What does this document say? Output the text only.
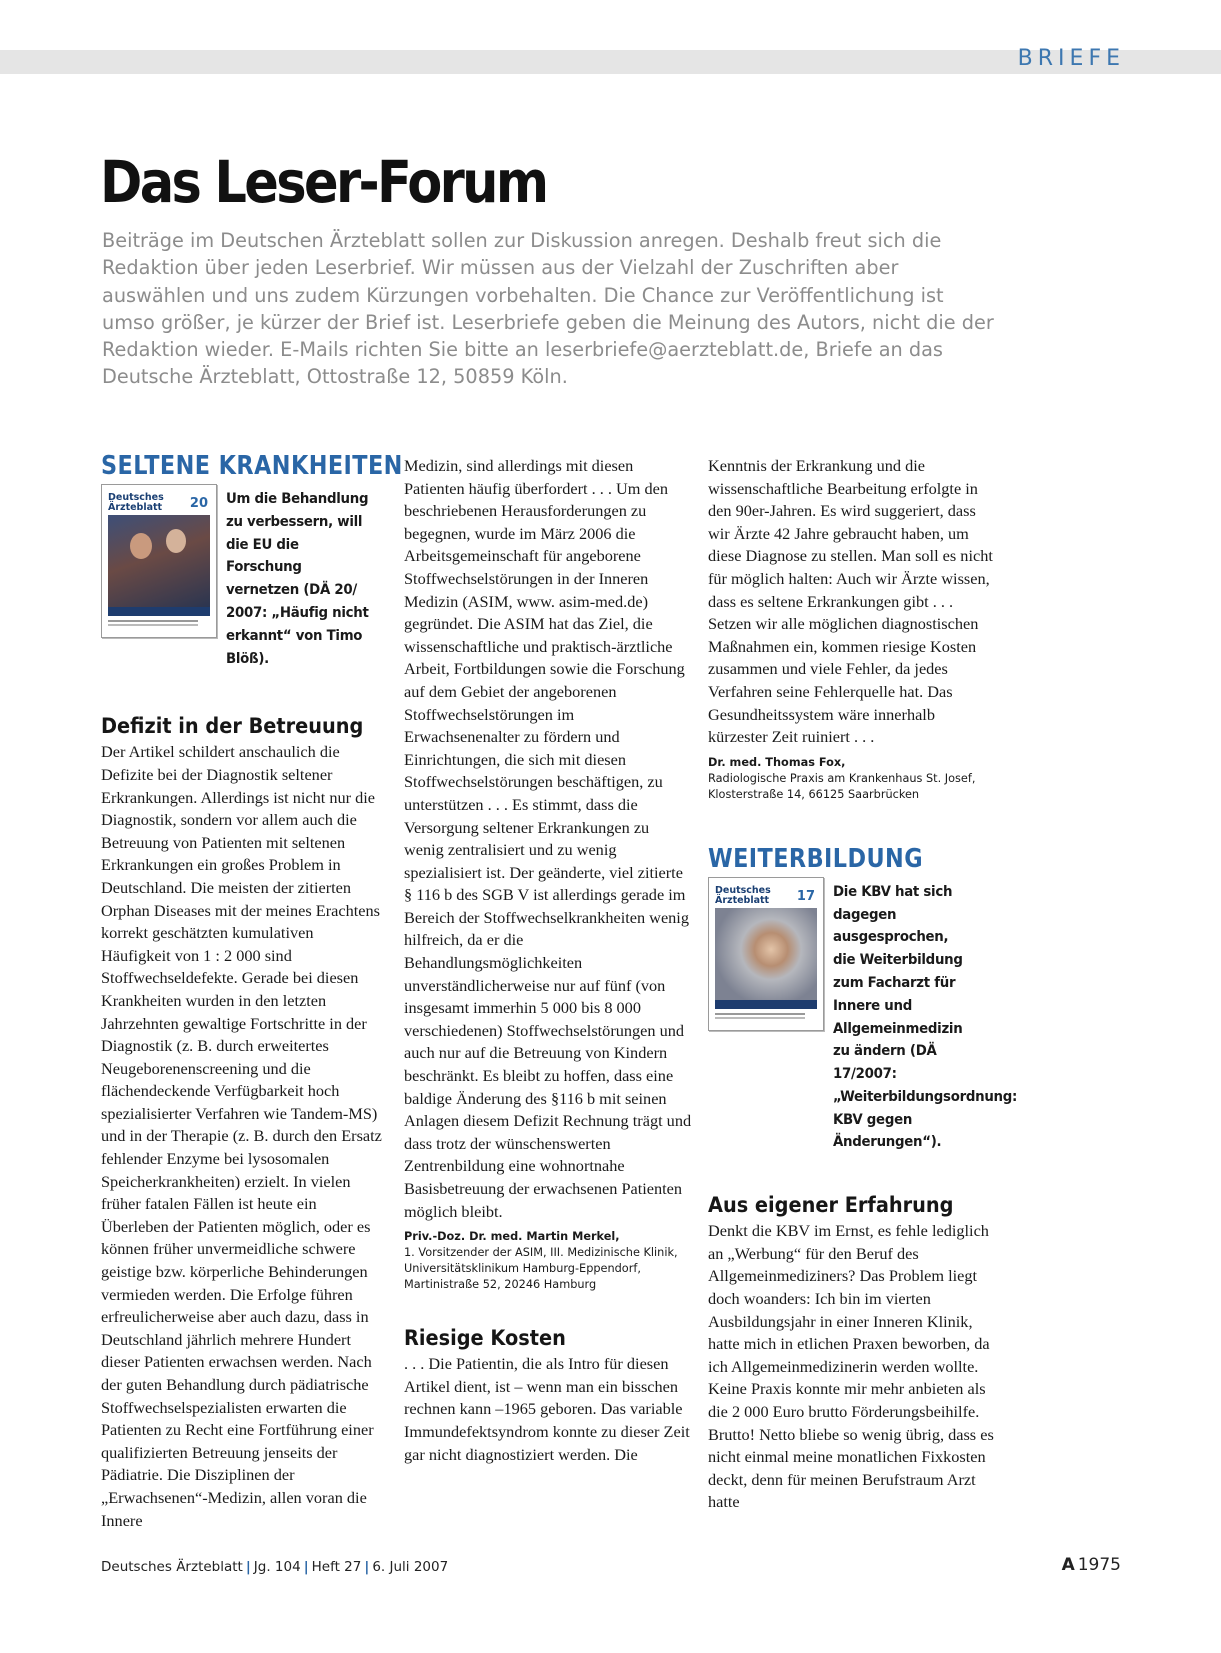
BRIEFE
Das Leser-Forum

Beiträge im Deutschen Ärzteblatt sollen zur Diskussion anregen. Deshalb freut sich die Redaktion über jeden Leserbrief. Wir müssen aus der Vielzahl der Zuschriften aber auswählen und uns zudem Kürzungen vorbehalten. Die Chance zur Veröffentlichung ist umso größer, je kürzer der Brief ist. Leserbriefe geben die Meinung des Autors, nicht die der Redaktion wieder. E-Mails richten Sie bitte an leserbriefe@aerzteblatt.de, Briefe an das Deutsche Ärzteblatt, Ottostraße 12, 50859 Köln.

SELTENE KRANKHEITEN
Deutsches Ärzteblatt	20 Um die Behandlung zu verbessern, will die EU die Forschung vernetzen (DÄ 20/ 2007: „Häufig nicht erkannt“ von Timo Blöß).

Defizit in der Betreuung

Der Artikel schildert anschaulich die Defizite bei der Diagnostik seltener Erkrankungen. Allerdings ist nicht nur die Diagnostik, sondern vor allem auch die Betreuung von Patienten mit seltenen Erkrankungen ein großes Problem in Deutschland. Die meisten der zitierten Orphan Diseases mit der meines Erachtens korrekt geschätzten kumulativen Häufigkeit von 1 : 2 000 sind Stoffwechseldefekte. Gerade bei diesen Krankheiten wurden in den letzten Jahrzehnten gewaltige Fortschritte in der Diagnostik (z. B. durch erweitertes Neugeborenenscreening und die flächendeckende Verfügbarkeit hoch spezialisierter Verfahren wie Tandem-MS) und in der Therapie (z. B. durch den Ersatz fehlender Enzyme bei lysosomalen Speicherkrankheiten) erzielt. In vielen früher fatalen Fällen ist heute ein Überleben der Patienten möglich, oder es können früher unvermeidliche schwere geistige bzw. körperliche Behinderungen vermieden werden. Die Erfolge führen erfreulicherweise aber auch dazu, dass in Deutschland jährlich mehrere Hundert dieser Patienten erwachsen werden. Nach der guten Behandlung durch pädiatrische Stoffwechselspezialisten erwarten die Patienten zu Recht eine Fortführung einer qualifizierten Betreuung jenseits der Pädiatrie. Die Disziplinen der „Erwachsenen“-Medizin, allen voran die Innere

Medizin, sind allerdings mit diesen Patienten häufig überfordert . . . Um den beschriebenen Herausforderungen zu begegnen, wurde im März 2006 die Arbeitsgemeinschaft für angeborene Stoffwechselstörungen in der Inneren Medizin (ASIM, www. asim-med.de) gegründet. Die ASIM hat das Ziel, die wissenschaftliche und praktisch-ärztliche Arbeit, Fortbildungen sowie die Forschung auf dem Gebiet der angeborenen Stoffwechselstörungen im Erwachsenenalter zu fördern und Einrichtungen, die sich mit diesen Stoffwechselstörungen beschäftigen, zu unterstützen . . . Es stimmt, dass die Versorgung seltener Erkrankungen zu wenig zentralisiert und zu wenig spezialisiert ist. Der geänderte, viel zitierte § 116 b des SGB V ist allerdings gerade im Bereich der Stoffwechselkrankheiten wenig hilfreich, da er die Behandlungsmöglichkeiten unverständlicherweise nur auf fünf (von insgesamt immerhin 5 000 bis 8 000 verschiedenen) Stoffwechselstörungen und auch nur auf die Betreuung von Kindern beschränkt. Es bleibt zu hoffen, dass eine baldige Änderung des §116 b mit seinen Anlagen diesem Defizit Rechnung trägt und dass trotz der wünschenswerten Zentrenbildung eine wohnortnahe Basisbetreuung der erwachsenen Patienten möglich bleibt.

Priv.-Doz. Dr. med. Martin Merkel,

1. Vorsitzender der ASIM, III. Medizinische Klinik, Universitätsklinikum Hamburg-Eppendorf, Martinistraße 52, 20246 Hamburg

Riesige Kosten

. . . Die Patientin, die als Intro für diesen Artikel dient, ist – wenn man ein bisschen rechnen kann –1965 geboren. Das variable Immundefektsyndrom konnte zu dieser Zeit gar nicht diagnostiziert werden. Die

Kenntnis der Erkrankung und die wissenschaftliche Bearbeitung erfolgte in den 90er-Jahren. Es wird suggeriert, dass wir Ärzte 42 Jahre gebraucht haben, um diese Diagnose zu stellen. Man soll es nicht für möglich halten: Auch wir Ärzte wissen, dass es seltene Erkrankungen gibt . . . Setzen wir alle möglichen diagnostischen Maßnahmen ein, kommen riesige Kosten zusammen und viele Fehler, da jedes Verfahren seine Fehlerquelle hat. Das Gesundheitssystem wäre innerhalb kürzester Zeit ruiniert . . .

Dr. med. Thomas Fox,

Radiologische Praxis am Krankenhaus St. Josef, Klosterstraße 14, 66125 Saarbrücken

WEITERBILDUNG
Deutsches Ärzteblatt	17 Die KBV hat sich dagegen ausgesprochen, die Weiterbildung zum Facharzt für Innere und Allgemeinmedizin zu ändern (DÄ 17/2007: „Weiterbildungsordnung: KBV gegen Änderungen“).

Aus eigener Erfahrung

Denkt die KBV im Ernst, es fehle lediglich an „Werbung“ für den Beruf des Allgemeinmediziners? Das Problem liegt doch woanders: Ich bin im vierten Ausbildungsjahr in einer Inneren Klinik, hatte mich in etlichen Praxen beworben, da ich Allgemeinmedizinerin werden wollte. Keine Praxis konnte mir mehr anbieten als die 2 000 Euro brutto Förderungsbeihilfe. Brutto! Netto bliebe so wenig übrig, dass es nicht einmal meine monatlichen Fixkosten deckt, denn für meinen Berufstraum Arzt hatte

Deutsches Ärzteblatt | Jg. 104 | Heft 27 | 6. Juli 2007	A 1975
